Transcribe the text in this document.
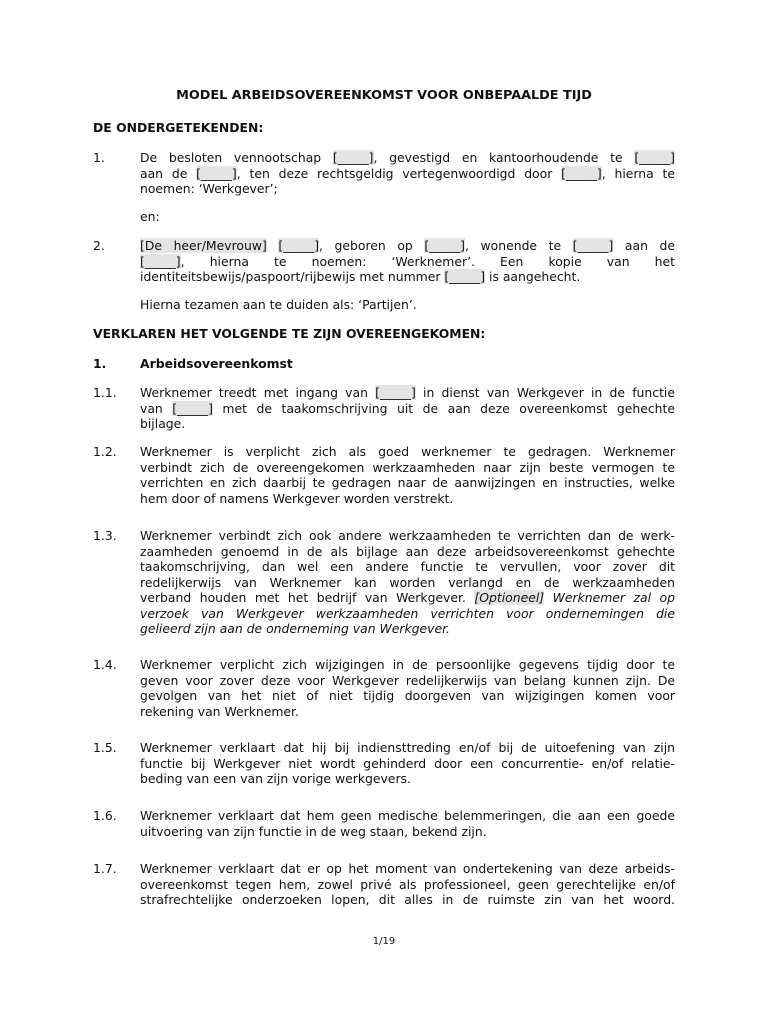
MODEL ARBEIDSOVEREENKOMST VOOR ONBEPAALDE TIJD

DE ONDERGETEKENDEN:

1.	De besloten vennootschap [_____], gevestigd en kantoorhoudende te [_____]
aan de [_____], ten deze rechtsgeldig vertegenwoordigd door [_____], hierna te
noemen: ‘Werkgever’;

en:

2.	[De heer/Mevrouw] [_____], geboren op [_____], wonende te [_____] aan de
[_____], hierna te noemen: ‘Werknemer’. Een kopie van het
identiteitsbewijs/paspoort/rijbewijs met nummer [_____] is aangehecht.

Hierna tezamen aan te duiden als: ‘Partijen’.

VERKLAREN HET VOLGENDE TE ZIJN OVEREENGEKOMEN:

1.	Arbeidsovereenkomst

1.1.	Werknemer treedt met ingang van [_____] in dienst van Werkgever in de functie
van [_____] met de taakomschrijving uit de aan deze overeenkomst gehechte
bijlage.

1.2.	Werknemer is verplicht zich als goed werknemer te gedragen. Werknemer
verbindt zich de overeengekomen werkzaamheden naar zijn beste vermogen te
verrichten en zich daarbij te gedragen naar de aanwijzingen en instructies, welke
hem door of namens Werkgever worden verstrekt.

1.3.	Werknemer verbindt zich ook andere werkzaamheden te verrichten dan de werk-
zaamheden genoemd in de als bijlage aan deze arbeidsovereenkomst gehechte
taakomschrijving, dan wel een andere functie te vervullen, voor zover dit
redelijkerwijs van Werknemer kan worden verlangd en de werkzaamheden
verband houden met het bedrijf van Werkgever. [Optioneel] Werknemer zal op
verzoek van Werkgever werkzaamheden verrichten voor ondernemingen die
gelieerd zijn aan de onderneming van Werkgever.

1.4.	Werknemer verplicht zich wijzigingen in de persoonlijke gegevens tijdig door te
geven voor zover deze voor Werkgever redelijkerwijs van belang kunnen zijn. De
gevolgen van het niet of niet tijdig doorgeven van wijzigingen komen voor
rekening van Werknemer.

1.5.	Werknemer verklaart dat hij bij indiensttreding en/of bij de uitoefening van zijn
functie bij Werkgever niet wordt gehinderd door een concurrentie- en/of relatie-
beding van een van zijn vorige werkgevers.

1.6.	Werknemer verklaart dat hem geen medische belemmeringen, die aan een goede
uitvoering van zijn functie in de weg staan, bekend zijn.

1.7.	Werknemer verklaart dat er op het moment van ondertekening van deze arbeids-
overeenkomst tegen hem, zowel privé als professioneel, geen gerechtelijke en/of
strafrechtelijke onderzoeken lopen, dit alles in de ruimste zin van het woord.

1/19
